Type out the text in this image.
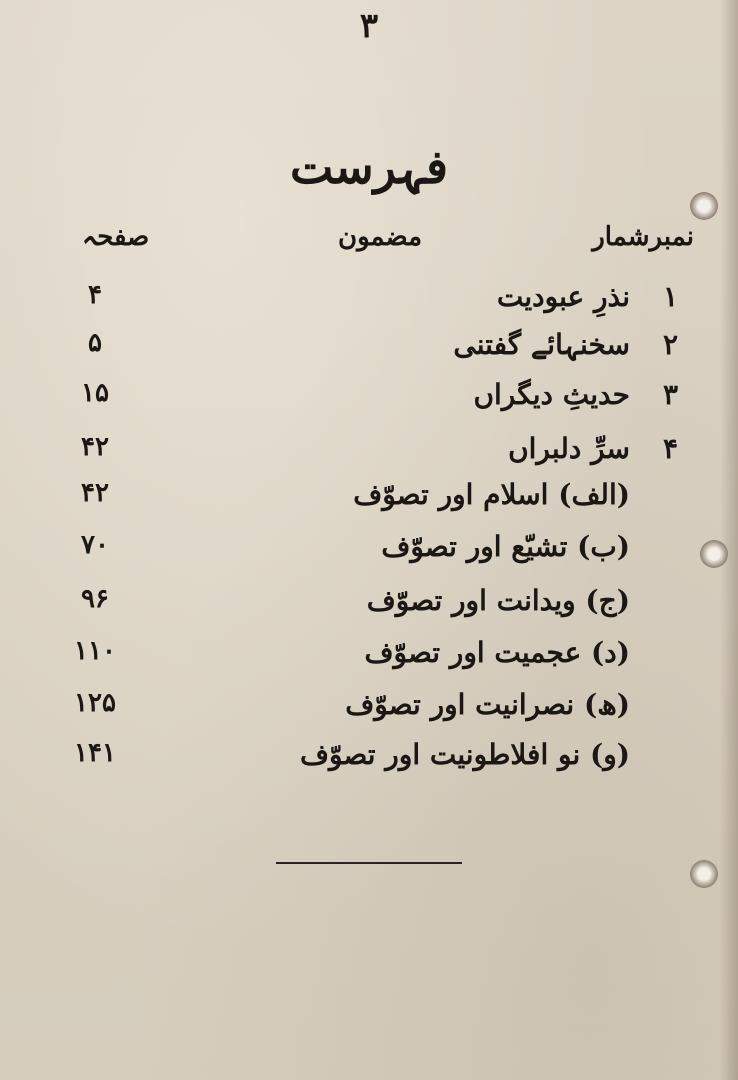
۳
فہرست
نمبرشمار
مضمون
صفحہ
۱
نذرِ عبودیت
۴
۲
سخنہائے گفتنی
۵
۳
حدیثِ دیگراں
۱۵
۴
سرِّ دلبراں
۴۲
(الف) اسلام اور تصوّف
۴۲
(ب) تشیّع اور تصوّف
۷۰
(ج) ویدانت اور تصوّف
۹۶
(د) عجمیت اور تصوّف
۱۱۰
(ھ) نصرانیت اور تصوّف
۱۲۵
(و) نو افلاطونیت اور تصوّف
۱۴۱
